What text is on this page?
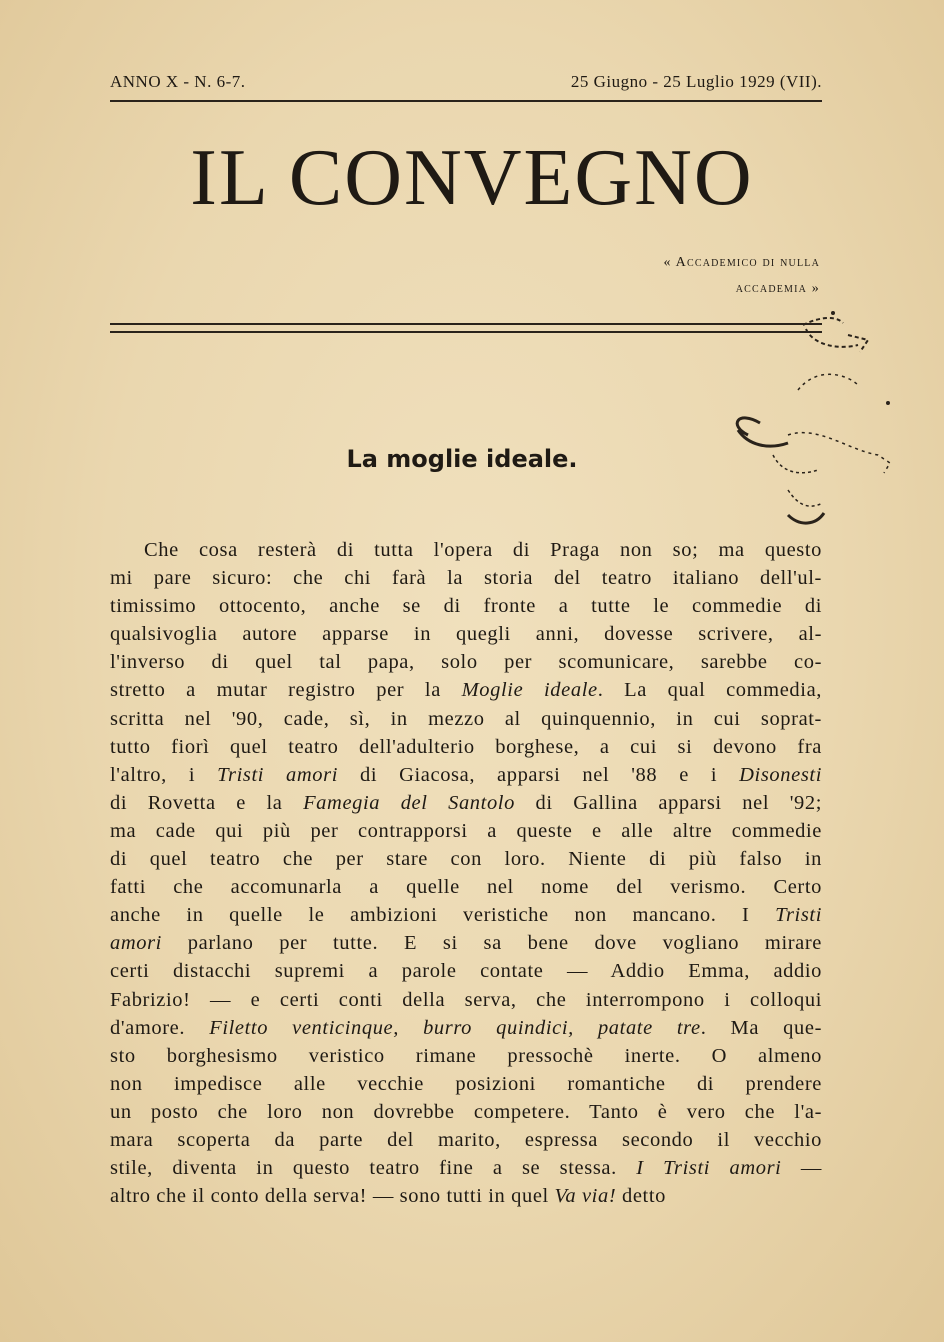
ANNO X - N. 6-7.	25 Giugno - 25 Luglio 1929 (VII).
IL CONVEGNO
« Accademico di nulla
accademia »
La moglie ideale.
Che cosa resterà di tutta l'opera di Praga non so; ma questo
mi pare sicuro: che chi farà la storia del teatro italiano dell'ul-
timissimo ottocento, anche se di fronte a tutte le commedie di
qualsivoglia autore apparse in quegli anni, dovesse scrivere, al-
l'inverso di quel tal papa, solo per scomunicare, sarebbe co-
stretto a mutar registro per la Moglie ideale. La qual commedia,
scritta nel '90, cade, sì, in mezzo al quinquennio, in cui soprat-
tutto fiorì quel teatro dell'adulterio borghese, a cui si devono fra
l'altro, i Tristi amori di Giacosa, apparsi nel '88 e i Disonesti
di Rovetta e la Famegia del Santolo di Gallina apparsi nel '92;
ma cade qui più per contrapporsi a queste e alle altre commedie
di quel teatro che per stare con loro. Niente di più falso in
fatti che accomunarla a quelle nel nome del verismo. Certo
anche in quelle le ambizioni veristiche non mancano. I Tristi
amori parlano per tutte. E si sa bene dove vogliano mirare
certi distacchi supremi a parole contate — Addio Emma, addio
Fabrizio! — e certi conti della serva, che interrompono i colloqui
d'amore. Filetto venticinque, burro quindici, patate tre. Ma que-
sto borghesismo veristico rimane pressochè inerte. O almeno
non impedisce alle vecchie posizioni romantiche di prendere
un posto che loro non dovrebbe competere. Tanto è vero che l'a-
mara scoperta da parte del marito, espressa secondo il vecchio
stile, diventa in questo teatro fine a se stessa. I Tristi amori —
altro che il conto della serva! — sono tutti in quel Va via! detto
